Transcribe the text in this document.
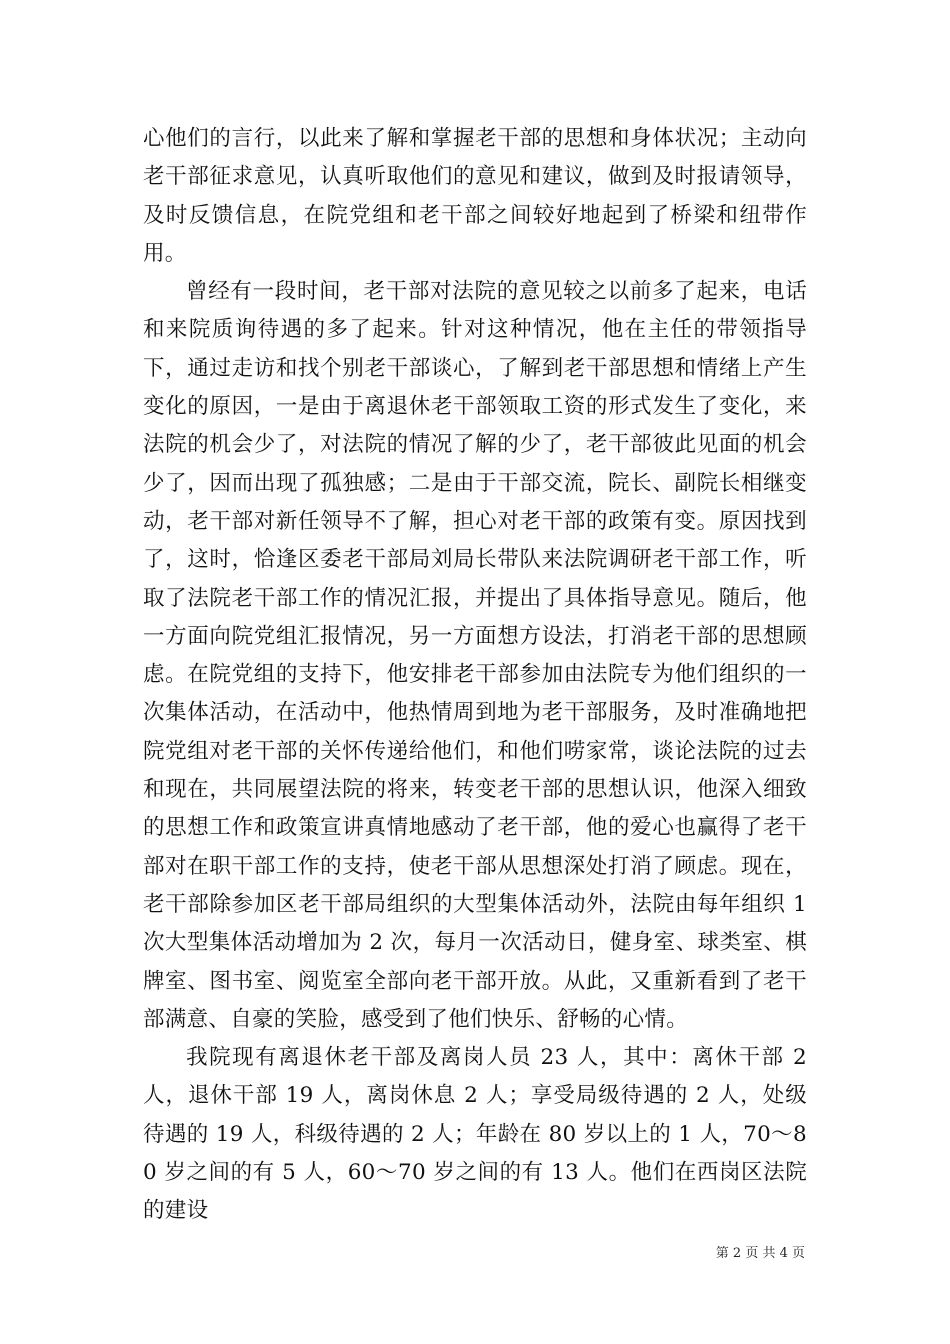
心他们的言行，以此来了解和掌握老干部的思想和身体状况；主动向老干部征求意见，认真听取他们的意见和建议，做到及时报请领导，及时反馈信息，在院党组和老干部之间较好地起到了桥梁和纽带作用。

曾经有一段时间，老干部对法院的意见较之以前多了起来，电话和来院质询待遇的多了起来。针对这种情况，他在主任的带领指导下，通过走访和找个别老干部谈心，了解到老干部思想和情绪上产生变化的原因，一是由于离退休老干部领取工资的形式发生了变化，来法院的机会少了，对法院的情况了解的少了，老干部彼此见面的机会少了，因而出现了孤独感；二是由于干部交流，院长、副院长相继变动，老干部对新任领导不了解，担心对老干部的政策有变。原因找到了，这时，恰逢区委老干部局刘局长带队来法院调研老干部工作，听取了法院老干部工作的情况汇报，并提出了具体指导意见。随后，他一方面向院党组汇报情况，另一方面想方设法，打消老干部的思想顾虑。在院党组的支持下，他安排老干部参加由法院专为他们组织的一次集体活动，在活动中，他热情周到地为老干部服务，及时准确地把院党组对老干部的关怀传递给他们，和他们唠家常，谈论法院的过去和现在，共同展望法院的将来，转变老干部的思想认识，他深入细致的思想工作和政策宣讲真情地感动了老干部，他的爱心也赢得了老干部对在职干部工作的支持，使老干部从思想深处打消了顾虑。现在，老干部除参加区老干部局组织的大型集体活动外，法院由每年组织 1 次大型集体活动增加为 2 次，每月一次活动日，健身室、球类室、棋牌室、图书室、阅览室全部向老干部开放。从此，又重新看到了老干部满意、自豪的笑脸，感受到了他们快乐、舒畅的心情。

我院现有离退休老干部及离岗人员 23 人，其中：离休干部 2 人，退休干部 19 人，离岗休息 2 人；享受局级待遇的 2 人，处级待遇的 19 人，科级待遇的 2 人；年龄在 80 岁以上的 1 人，70～80 岁之间的有 5 人，60～70 岁之间的有 13 人。他们在西岗区法院的建设

第 2 页 共 4 页
